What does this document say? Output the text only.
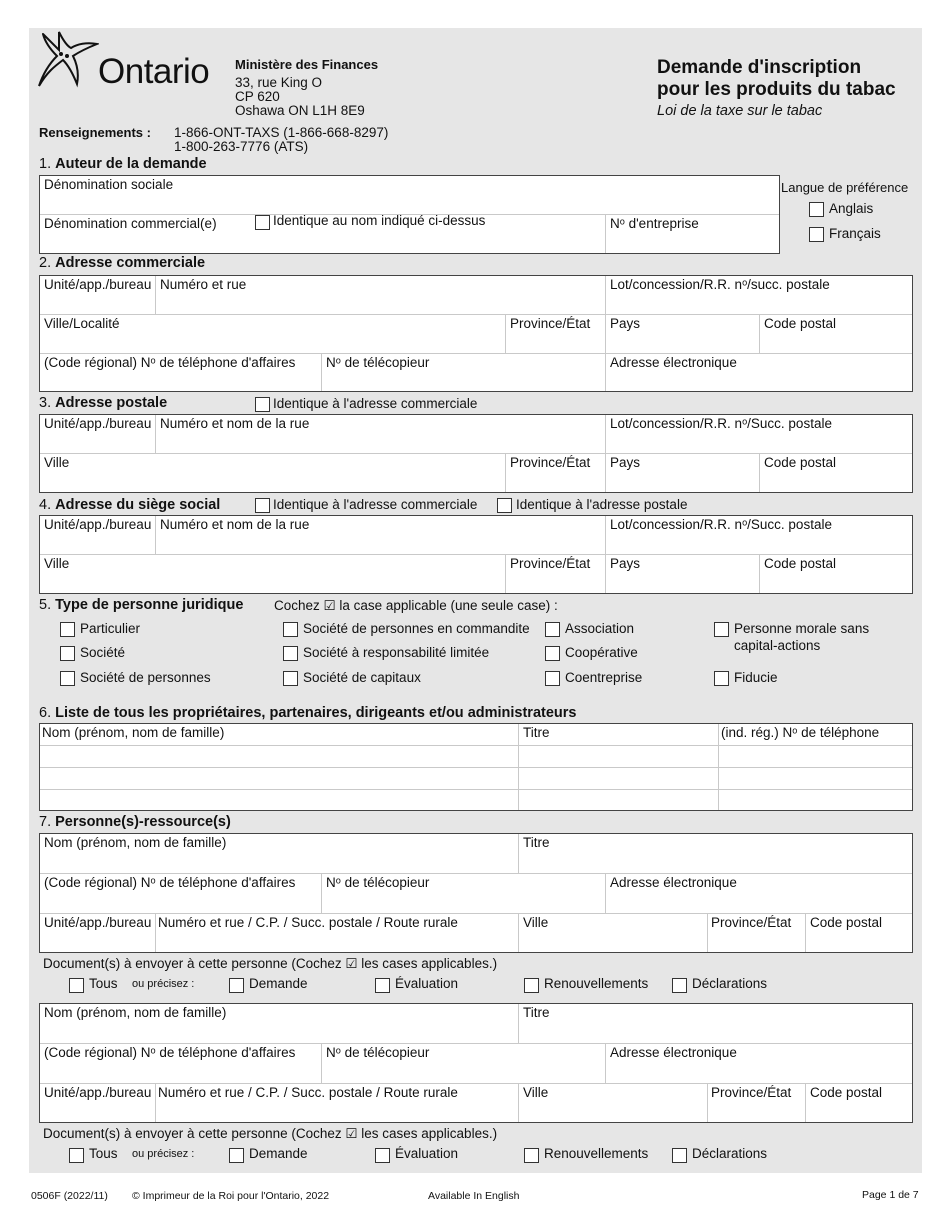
Ontario Ministère des Finances
33, rue King O
CP 620
Oshawa ON L1H 8E9
Renseignements : 1-866-ONT-TAXS (1-866-668-8297)
1-800-263-7776 (ATS)
Demande d'inscription
pour les produits du tabac
Loi de la taxe sur le tabac
1. Auteur de la demande
Dénomination sociale
Dénomination commercial(e)	Nᵒ d'entreprise
Identique au nom indiqué ci-dessus
Langue de préférence
Anglais
Français
2. Adresse commerciale
Unité/app./bureau Numéro et rue	Lot/concession/R.R. nᵒ/succ. postale
Ville/Localité	Province/État Pays	Code postal
(Code régional) Nᵒ de téléphone d'affaires Nᵒ de télécopieur	Adresse électronique
3. Adresse postale	Identique à l'adresse commerciale
Unité/app./bureau Numéro et nom de la rue	Lot/concession/R.R. nᵒ/Succ. postale
Ville	Province/État Pays	Code postal
4. Adresse du siège social	Identique à l'adresse commerciale	Identique à l'adresse postale
Unité/app./bureau Numéro et nom de la rue	Lot/concession/R.R. nᵒ/Succ. postale
Ville	Province/État Pays	Code postal
5. Type de personne juridique Cochez ☑ la case applicable (une seule case) :
Particulier
Société
Société de personnes
Société de personnes en commandite
Société à responsabilité limitée
Société de capitaux
Association
Coopérative
Coentreprise
Personne morale sans
capital-actions
Fiducie
6. Liste de tous les propriétaires, partenaires, dirigeants et/ou administrateurs
Nom (prénom, nom de famille)	Titre	(ind. rég.) Nᵒ de téléphone
7. Personne(s)-ressource(s)
Nom (prénom, nom de famille)	Titre
(Code régional) Nᵒ de téléphone d'affaires Nᵒ de télécopieur	Adresse électronique
Unité/app./bureau Numéro et rue / C.P. / Succ. postale / Route rurale	Ville	Province/État Code postal
Document(s) à envoyer à cette personne (Cochez ☑ les cases applicables.)
Tous ou précisez :	Demande	Évaluation	Renouvellements	Déclarations
Nom (prénom, nom de famille)	Titre
(Code régional) Nᵒ de téléphone d'affaires Nᵒ de télécopieur	Adresse électronique
Unité/app./bureau Numéro et rue / C.P. / Succ. postale / Route rurale	Ville	Province/État Code postal
Document(s) à envoyer à cette personne (Cochez ☑ les cases applicables.)
Tous ou précisez :	Demande	Évaluation	Renouvellements	Déclarations
0506F (2022/11) © Imprimeur de la Roi pour l'Ontario, 2022	Available In English	Page 1 de 7
